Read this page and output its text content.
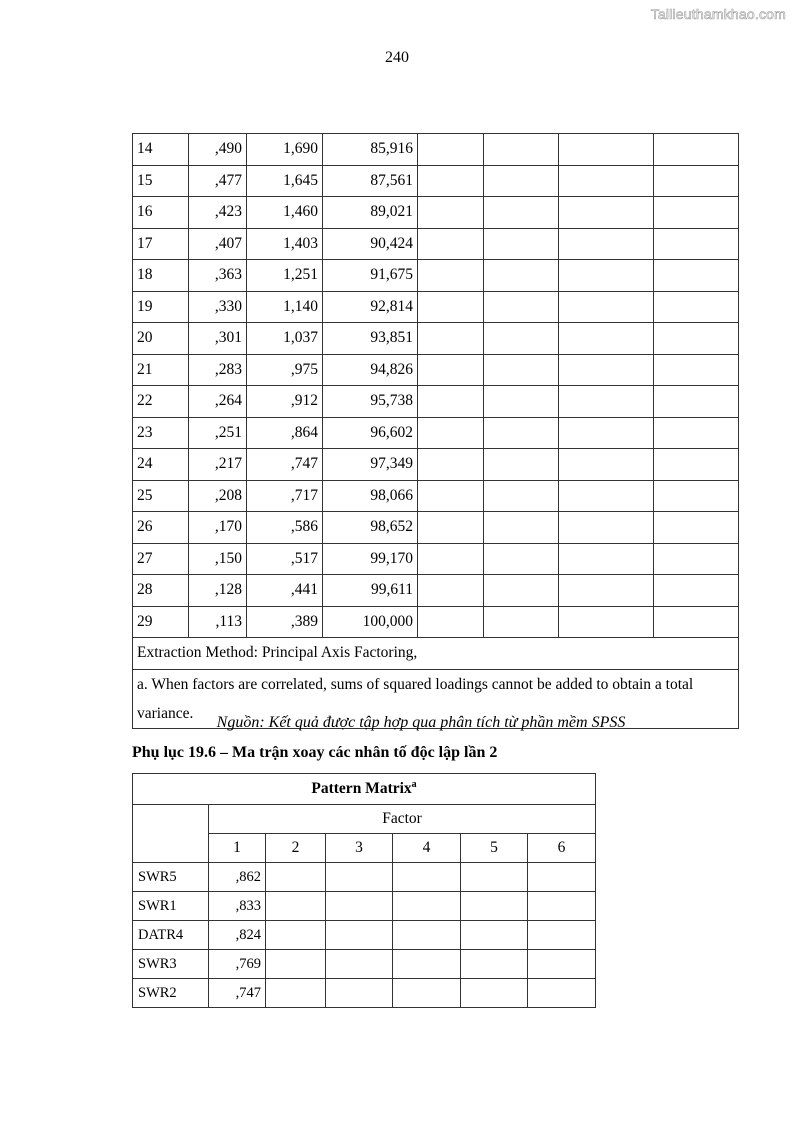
Tailieuthamkhao.com
240
14	,490	1,690	85,916				
15	,477	1,645	87,561				
16	,423	1,460	89,021				
17	,407	1,403	90,424				
18	,363	1,251	91,675				
19	,330	1,140	92,814				
20	,301	1,037	93,851				
21	,283	,975	94,826				
22	,264	,912	95,738				
23	,251	,864	96,602				
24	,217	,747	97,349				
25	,208	,717	98,066				
26	,170	,586	98,652				
27	,150	,517	99,170				
28	,128	,441	99,611				
29	,113	,389	100,000				
Extraction Method: Principal Axis Factoring,							
a. When factors are correlated, sums of squared loadings cannot be added to obtain a total variance.							
Nguồn: Kết quả được tập hợp qua phân tích từ phần mềm SPSS
Phụ lục 19.6 – Ma trận xoay các nhân tố độc lập lần 2
Pattern Matrix$^a$
	Factor					
	1	2	3	4	5	6
SWR5	,862					
SWR1	,833					
DATR4	,824					
SWR3	,769					
SWR2	,747					
